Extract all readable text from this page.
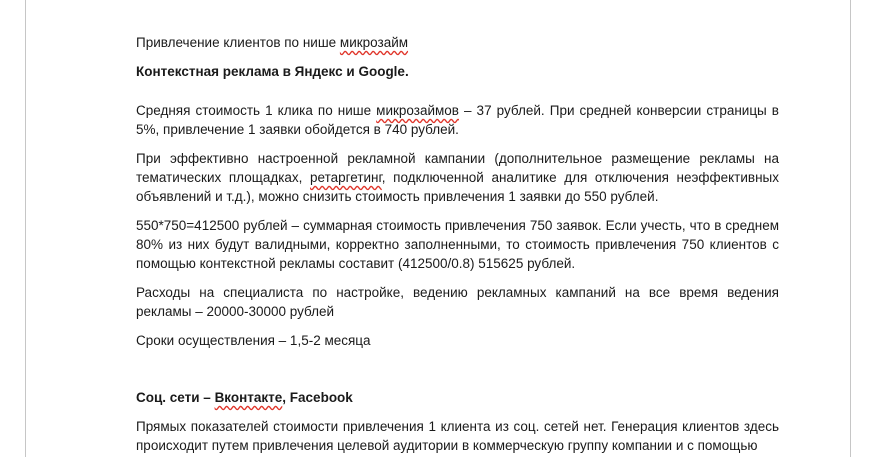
Привлечение клиентов по нише микрозайм

Контекстная реклама в Яндекс и Google.

Средняя стоимость 1 клика по нише микрозаймов – 37 рублей. При средней конверсии страницы в 5%, привлечение 1 заявки обойдется в 740 рублей.

При эффективно настроенной рекламной кампании (дополнительное размещение рекламы на тематических площадках, ретаргетинг, подключенной аналитике для отключения неэффективных объявлений и т.д.), можно снизить стоимость привлечения 1 заявки до 550 рублей.

550*750=412500 рублей – суммарная стоимость привлечения 750 заявок. Если учесть, что в среднем 80% из них будут валидными, корректно заполненными, то стоимость привлечения 750 клиентов с помощью контекстной рекламы составит (412500/0.8) 515625 рублей.

Расходы на специалиста по настройке, ведению рекламных кампаний на все время ведения рекламы – 20000-30000 рублей

Сроки осуществления – 1,5-2 месяца

Соц. сети – Вконтакте, Facebook

Прямых показателей стоимости привлечения 1 клиента из соц. сетей нет. Генерация клиентов здесь происходит путем привлечения целевой аудитории в коммерческую группу компании и с помощью
